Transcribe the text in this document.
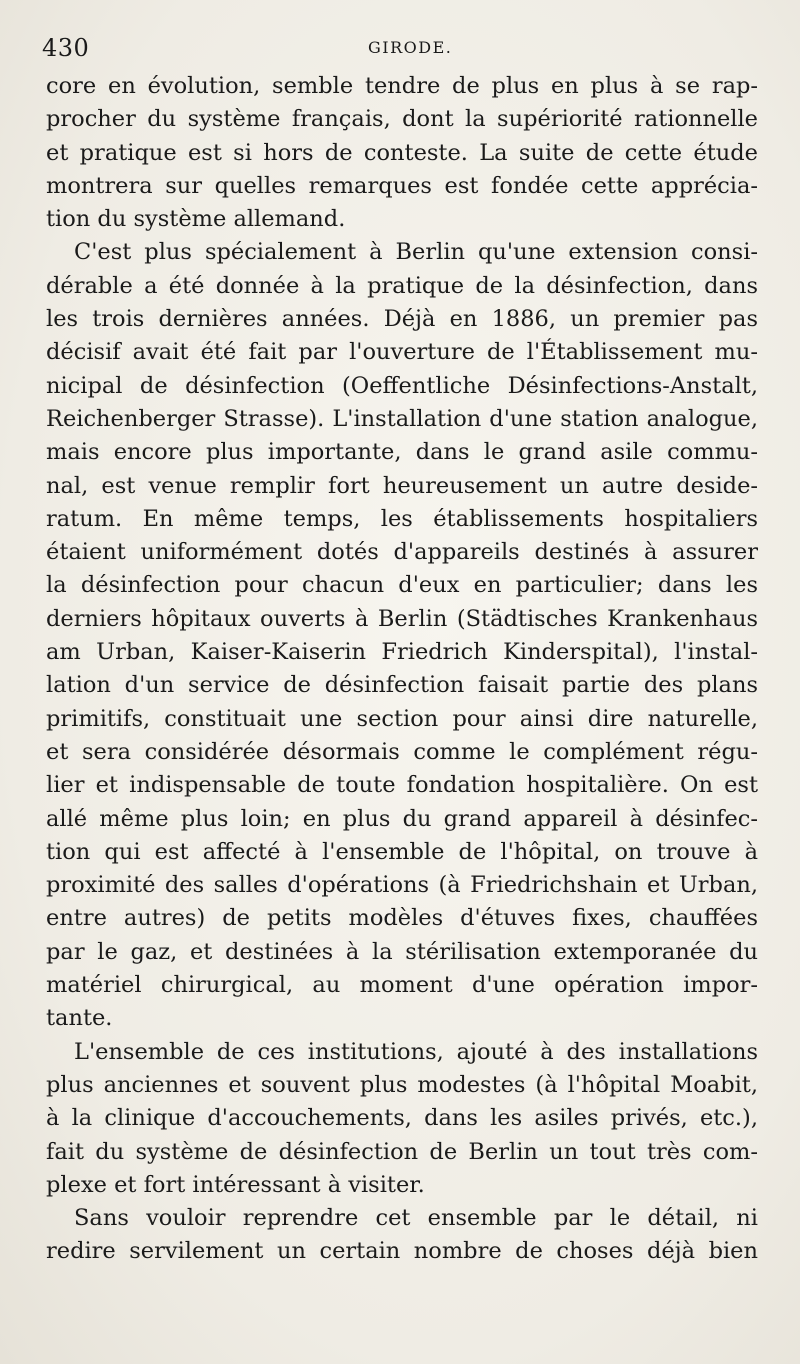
430	GIRODE.
core en évolution, semble tendre de plus en plus à se rap-
procher du système français, dont la supériorité rationnelle
et pratique est si hors de conteste. La suite de cette étude
montrera sur quelles remarques est fondée cette apprécia-
tion du système allemand.
C'est plus spécialement à Berlin qu'une extension consi-
dérable a été donnée à la pratique de la désinfection, dans
les trois dernières années. Déjà en 1886, un premier pas
décisif avait été fait par l'ouverture de l'Établissement mu-
nicipal de désinfection (Oeffentliche Désinfections-Anstalt,
Reichenberger Strasse). L'installation d'une station analogue,
mais encore plus importante, dans le grand asile commu-
nal, est venue remplir fort heureusement un autre deside-
ratum. En même temps, les établissements hospitaliers
étaient uniformément dotés d'appareils destinés à assurer
la désinfection pour chacun d'eux en particulier; dans les
derniers hôpitaux ouverts à Berlin (Städtisches Krankenhaus
am Urban, Kaiser-Kaiserin Friedrich Kinderspital), l'instal-
lation d'un service de désinfection faisait partie des plans
primitifs, constituait une section pour ainsi dire naturelle,
et sera considérée désormais comme le complément régu-
lier et indispensable de toute fondation hospitalière. On est
allé même plus loin; en plus du grand appareil à désinfec-
tion qui est affecté à l'ensemble de l'hôpital, on trouve à
proximité des salles d'opérations (à Friedrichshain et Urban,
entre autres) de petits modèles d'étuves fixes, chauffées
par le gaz, et destinées à la stérilisation extemporanée du
matériel chirurgical, au moment d'une opération impor-
tante.
L'ensemble de ces institutions, ajouté à des installations
plus anciennes et souvent plus modestes (à l'hôpital Moabit,
à la clinique d'accouchements, dans les asiles privés, etc.),
fait du système de désinfection de Berlin un tout très com-
plexe et fort intéressant à visiter.
Sans vouloir reprendre cet ensemble par le détail, ni
redire servilement un certain nombre de choses déjà bien
